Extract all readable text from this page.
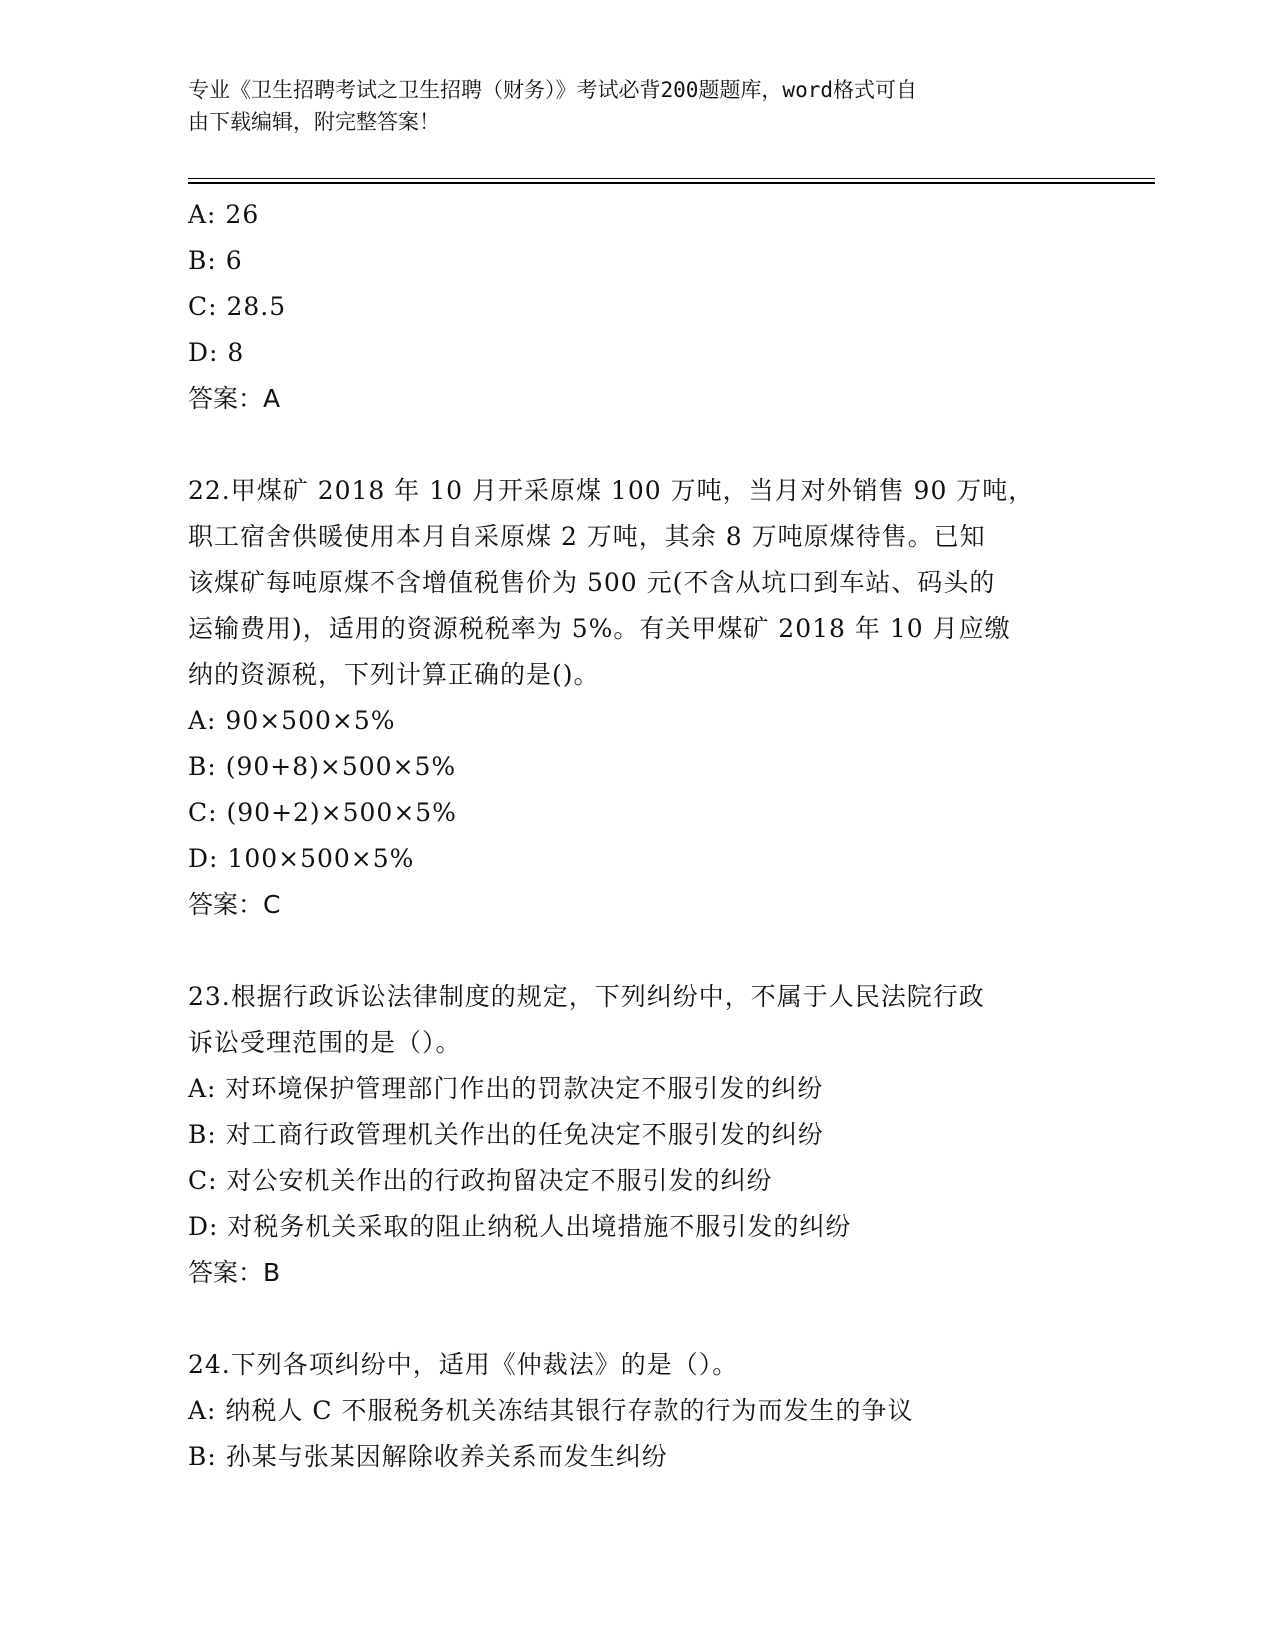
专业《卫生招聘考试之卫生招聘（财务）》考试必背200题题库，word格式可自
由下载编辑，附完整答案！
A: 26
B: 6
C: 28.5
D: 8
答案：A
22.甲煤矿 2018 年 10 月开采原煤 100 万吨，当月对外销售 90 万吨，
职工宿舍供暖使用本月自采原煤 2 万吨，其余 8 万吨原煤待售。已知
该煤矿每吨原煤不含增值税售价为 500 元(不含从坑口到车站、码头的
运输费用)，适用的资源税税率为 5%。有关甲煤矿 2018 年 10 月应缴
纳的资源税，下列计算正确的是()。
A: 90×500×5%
B: (90+8)×500×5%
C: (90+2)×500×5%
D: 100×500×5%
答案：C
23.根据行政诉讼法律制度的规定，下列纠纷中，不属于人民法院行政
诉讼受理范围的是（）。
A: 对环境保护管理部门作出的罚款决定不服引发的纠纷
B: 对工商行政管理机关作出的任免决定不服引发的纠纷
C: 对公安机关作出的行政拘留决定不服引发的纠纷
D: 对税务机关采取的阻止纳税人出境措施不服引发的纠纷
答案：B
24.下列各项纠纷中，适用《仲裁法》的是（）。
A: 纳税人 C 不服税务机关冻结其银行存款的行为而发生的争议
B: 孙某与张某因解除收养关系而发生纠纷
